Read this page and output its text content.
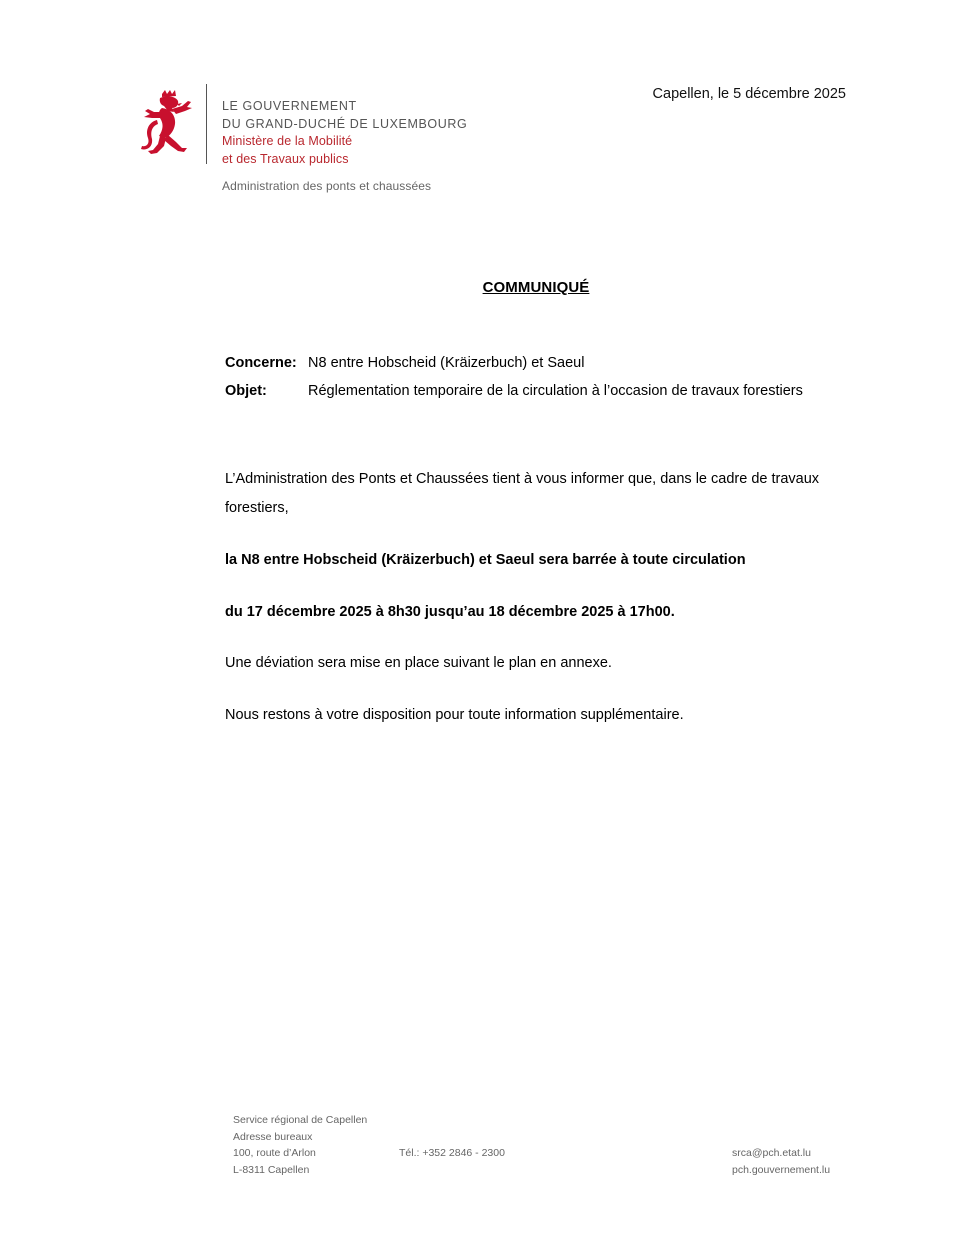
LE GOUVERNEMENT
DU GRAND-DUCHÉ DE LUXEMBOURG
Ministère de la Mobilité
et des Travaux publics
Administration des ponts et chaussées
Capellen, le 5 décembre 2025
COMMUNIQUÉ
Concerne: N8 entre Hobscheid (Kräizerbuch) et Saeul
Objet:	Réglementation temporaire de la circulation à l’occasion de travaux forestiers
L’Administration des Ponts et Chaussées tient à vous informer que, dans le cadre de travaux forestiers,
la N8 entre Hobscheid (Kräizerbuch) et Saeul sera barrée à toute circulation
du 17 décembre 2025 à 8h30 jusqu’au 18 décembre 2025 à 17h00.
Une déviation sera mise en place suivant le plan en annexe.
Nous restons à votre disposition pour toute information supplémentaire.
Service régional de Capellen
Adresse bureaux
100, route d’Arlon
L-8311 Capellen
Tél.: +352 2846 - 2300	srca@pch.etat.lu
pch.gouvernement.lu
